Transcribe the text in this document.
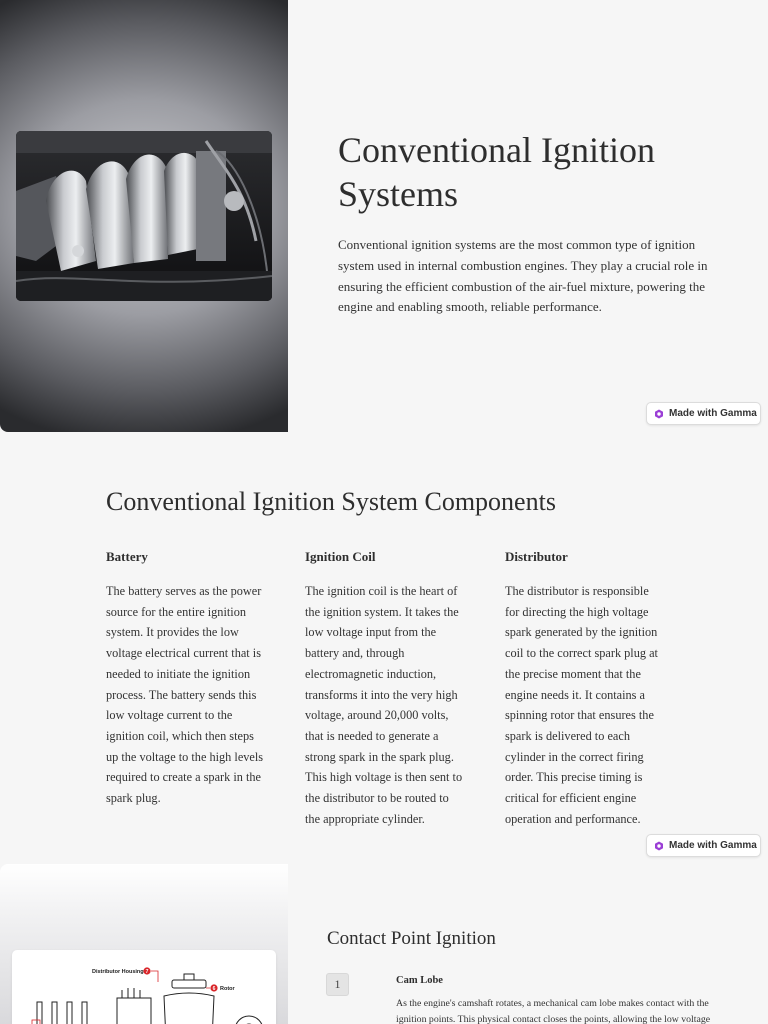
Conventional Ignition Systems

Conventional ignition systems are the most common type of ignition system used in internal combustion engines. They play a crucial role in ensuring the efficient combustion of the air-fuel mixture, powering the engine and enabling smooth, reliable performance.

Made with Gamma
Conventional Ignition System Components
Battery

The battery serves as the power source for the entire ignition system. It provides the low voltage electrical current that is needed to initiate the ignition process. The battery sends this low voltage current to the ignition coil, which then steps up the voltage to the high levels required to create a spark in the spark plug.

Ignition Coil

The ignition coil is the heart of the ignition system. It takes the low voltage input from the battery and, through electromagnetic induction, transforms it into the very high voltage, around 20,000 volts, that is needed to generate a strong spark in the spark plug. This high voltage is then sent to the distributor to be routed to the appropriate cylinder.

Distributor

The distributor is responsible for directing the high voltage spark generated by the ignition coil to the correct spark plug at the precise moment that the engine needs it. It contains a spinning rotor that ensures the spark is delivered to each cylinder in the correct firing order. This precise timing is critical for efficient engine operation and performance.

Made with Gamma
Distributor Housing 7
6 Rotor
Contact Point Ignition
1	Cam Lobe

As the engine's camshaft rotates, a mechanical cam lobe makes contact with the ignition points. This physical contact closes the points, allowing the low voltage
